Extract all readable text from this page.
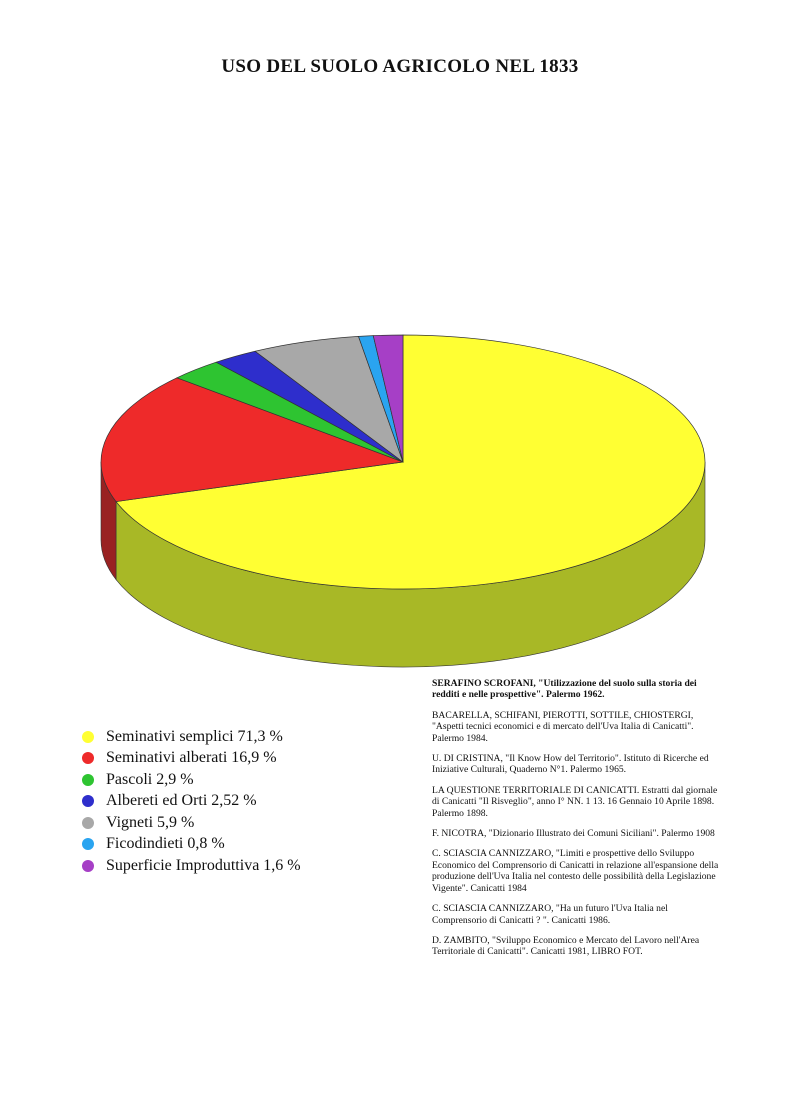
USO DEL SUOLO AGRICOLO NEL 1833
Seminativi semplici 71,3 %
Seminativi alberati 16,9 %
Pascoli 2,9 %
Albereti ed Orti 2,52 %
Vigneti 5,9 %
Ficodindieti 0,8 %
Superficie Improduttiva 1,6 %

SERAFINO SCROFANI, "Utilizzazione del suolo sulla storia dei redditi e nelle prospettive". Palermo 1962.

BACARELLA, SCHIFANI, PIEROTTI, SOTTILE, CHIOSTERGI, "Aspetti tecnici economici e di mercato dell'Uva Italia di Canicatti". Palermo 1984.

U. DI CRISTINA, "Il Know How del Territorio". Istituto di Ricerche ed Iniziative Culturali, Quaderno N°1. Palermo 1965.

LA QUESTIONE TERRITORIALE DI CANICATTI. Estratti dal giornale di Canicatti "Il Risveglio", anno I° NN. 1 13. 16 Gennaio 10 Aprile 1898. Palermo 1898.

F. NICOTRA, "Dizionario Illustrato dei Comuni Siciliani". Palermo 1908

C. SCIASCIA CANNIZZARO, "Limiti e prospettive dello Sviluppo Economico del Comprensorio di Canicatti in relazione all'espansione della produzione dell'Uva Italia nel contesto delle possibilità della Legislazione Vigente". Canicatti 1984

C. SCIASCIA CANNIZZARO, "Ha un futuro l'Uva Italia nel Comprensorio di Canicatti ? ". Canicatti 1986.

D. ZAMBITO, "Sviluppo Economico e Mercato del Lavoro nell'Area Territoriale di Canicatti". Canicatti 1981, LIBRO FOT.
